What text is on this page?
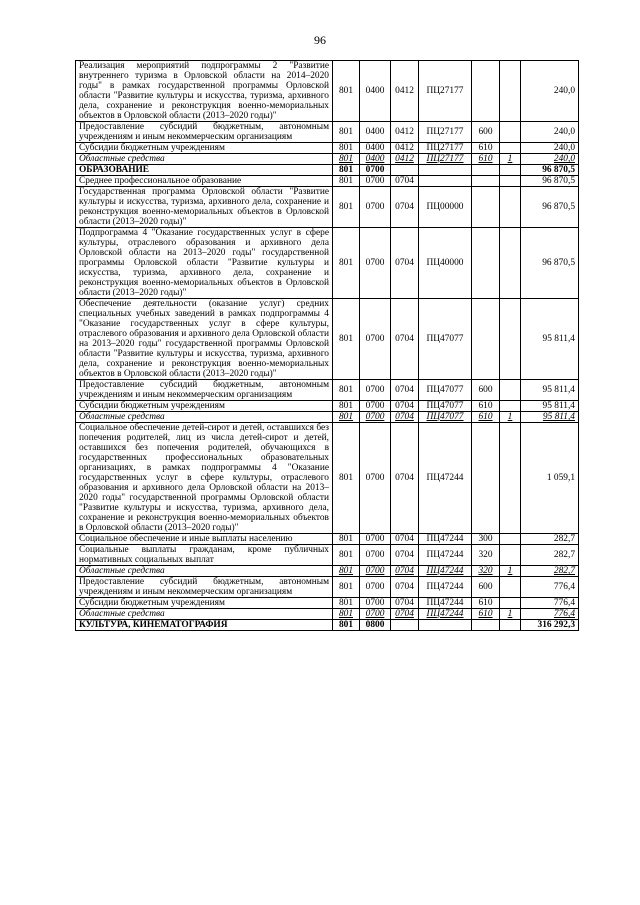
96
Реализация мероприятий подпрограммы 2 "Развитие внутреннего туризма в Орловской области на 2014–2020 годы" в рамках государственной программы Орловской области "Развитие культуры и искусства, туризма, архивного дела, сохранение и реконструкция военно-мемориальных объектов в Орловской области (2013–2020 годы)"	801	0400	0412	ПЦ27177			240,0
Предоставление субсидий бюджетным, автономным учреждениям и иным некоммерческим организациям	801	0400	0412	ПЦ27177	600		240,0
Субсидии бюджетным учреждениям	801	0400	0412	ПЦ27177	610		240,0
Областные средства	801	0400	0412	ПЦ27177	610	1	240,0
ОБРАЗОВАНИЕ	801	0700					96 870,5
Среднее профессиональное образование	801	0700	0704				96 870,5
Государственная программа Орловской области "Развитие культуры и искусства, туризма, архивного дела, сохранение и реконструкция военно-мемориальных объектов в Орловской области (2013–2020 годы)"	801	0700	0704	ПЦ00000			96 870,5
Подпрограмма 4 "Оказание государственных услуг в сфере культуры, отраслевого образования и архивного дела Орловской области на 2013–2020 годы" государственной программы Орловской области "Развитие культуры и искусства, туризма, архивного дела, сохранение и реконструкция военно-мемориальных объектов в Орловской области (2013–2020 годы)"	801	0700	0704	ПЦ40000			96 870,5
Обеспечение деятельности (оказание услуг) средних специальных учебных заведений в рамках подпрограммы 4 "Оказание государственных услуг в сфере культуры, отраслевого образования и архивного дела Орловской области на 2013–2020 годы" государственной программы Орловской области "Развитие культуры и искусства, туризма, архивного дела, сохранение и реконструкция военно-мемориальных объектов в Орловской области (2013–2020 годы)"	801	0700	0704	ПЦ47077			95 811,4
Предоставление субсидий бюджетным, автономным учреждениям и иным некоммерческим организациям	801	0700	0704	ПЦ47077	600		95 811,4
Субсидии бюджетным учреждениям	801	0700	0704	ПЦ47077	610		95 811,4
Областные средства	801	0700	0704	ПЦ47077	610	1	95 811,4
Социальное обеспечение детей-сирот и детей, оставшихся без попечения родителей, лиц из числа детей-сирот и детей, оставшихся без попечения родителей, обучающихся в государственных профессиональных образовательных организациях, в рамках подпрограммы 4 "Оказание государственных услуг в сфере культуры, отраслевого образования и архивного дела Орловской области на 2013–2020 годы" государственной программы Орловской области "Развитие культуры и искусства, туризма, архивного дела, сохранение и реконструкция военно-мемориальных объектов в Орловской области (2013–2020 годы)"	801	0700	0704	ПЦ47244			1 059,1
Социальное обеспечение и иные выплаты населению	801	0700	0704	ПЦ47244	300		282,7
Социальные выплаты гражданам, кроме публичных нормативных социальных выплат	801	0700	0704	ПЦ47244	320		282,7
Областные средства	801	0700	0704	ПЦ47244	320	1	282,7
Предоставление субсидий бюджетным, автономным учреждениям и иным некоммерческим организациям	801	0700	0704	ПЦ47244	600		776,4
Субсидии бюджетным учреждениям	801	0700	0704	ПЦ47244	610		776,4
Областные средства	801	0700	0704	ПЦ47244	610	1	776,4
КУЛЬТУРА, КИНЕМАТОГРАФИЯ	801	0800					316 292,3
